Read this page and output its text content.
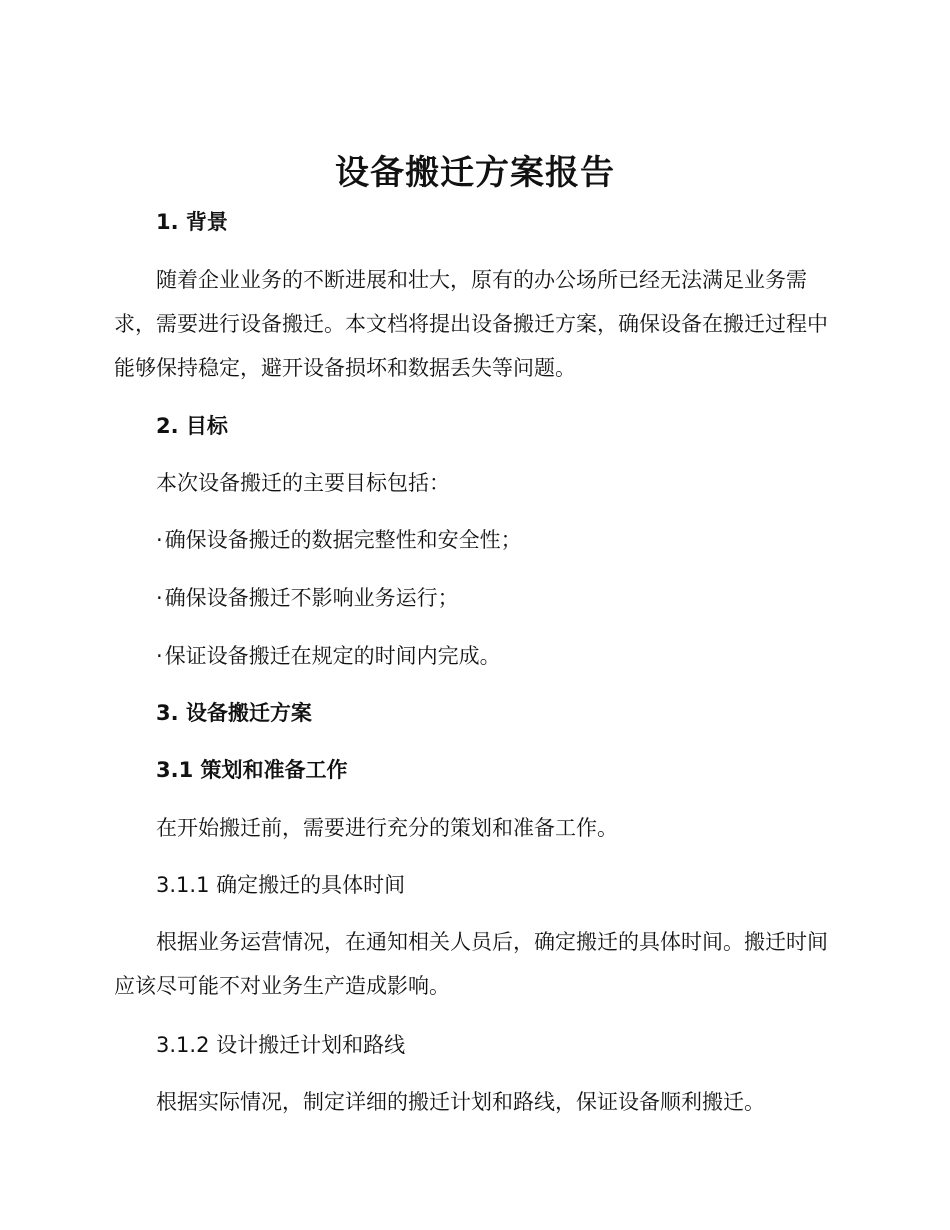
设备搬迁方案报告
1. 背景
随着企业业务的不断进展和壮大，原有的办公场所已经无法满足业务需求，需要进行设备搬迁。本文档将提出设备搬迁方案，确保设备在搬迁过程中能够保持稳定，避开设备损坏和数据丢失等问题。
2. 目标
本次设备搬迁的主要目标包括：
·确保设备搬迁的数据完整性和安全性；
·确保设备搬迁不影响业务运行；
·保证设备搬迁在规定的时间内完成。
3. 设备搬迁方案
3.1 策划和准备工作
在开始搬迁前，需要进行充分的策划和准备工作。
3.1.1 确定搬迁的具体时间
根据业务运营情况，在通知相关人员后，确定搬迁的具体时间。搬迁时间应该尽可能不对业务生产造成影响。
3.1.2 设计搬迁计划和路线
根据实际情况，制定详细的搬迁计划和路线，保证设备顺利搬迁。
